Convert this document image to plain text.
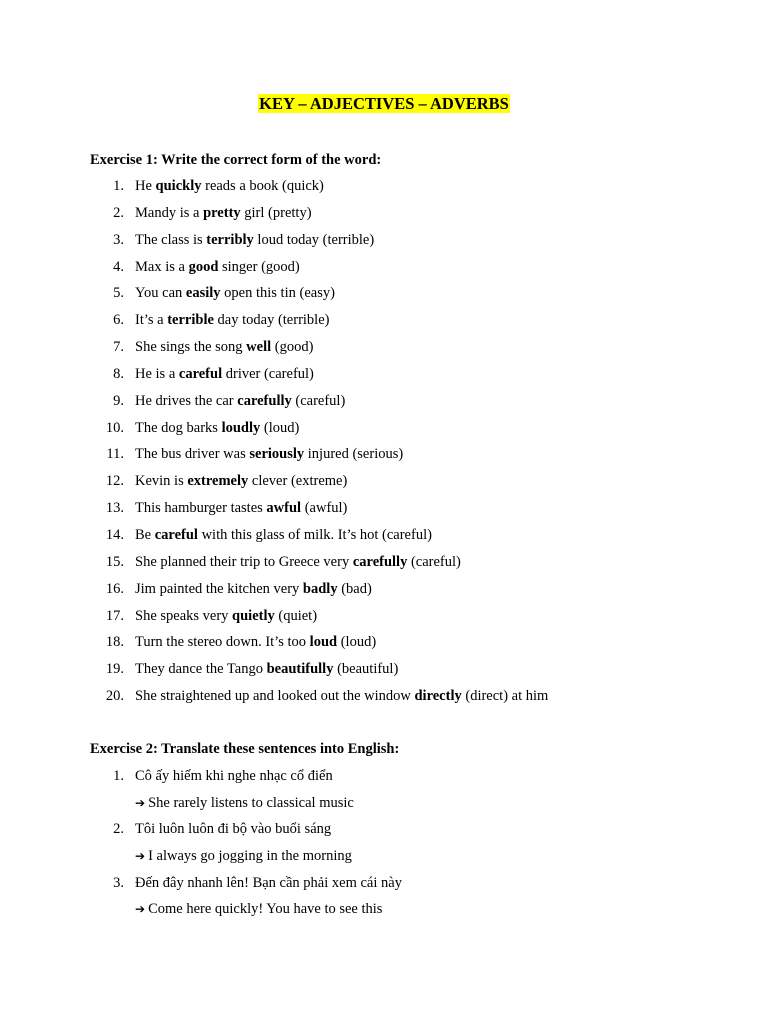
KEY – ADJECTIVES – ADVERBS
Exercise 1: Write the correct form of the word:
1. He quickly reads a book (quick)
2. Mandy is a pretty girl (pretty)
3. The class is terribly loud today (terrible)
4. Max is a good singer (good)
5. You can easily open this tin (easy)
6. It’s a terrible day today (terrible)
7. She sings the song well (good)
8. He is a careful driver (careful)
9. He drives the car carefully (careful)
10. The dog barks loudly (loud)
11. The bus driver was seriously injured (serious)
12. Kevin is extremely clever (extreme)
13. This hamburger tastes awful (awful)
14. Be careful with this glass of milk. It’s hot (careful)
15. She planned their trip to Greece very carefully (careful)
16. Jim painted the kitchen very badly (bad)
17. She speaks very quietly (quiet)
18. Turn the stereo down. It’s too loud (loud)
19. They dance the Tango beautifully (beautiful)
20. She straightened up and looked out the window directly (direct) at him
Exercise 2: Translate these sentences into English:
1. Cô ấy hiếm khi nghe nhạc cổ điển
➔ She rarely listens to classical music
2. Tôi luôn luôn đi bộ vào buổi sáng
➔ I always go jogging in the morning
3. Đến đây nhanh lên! Bạn cần phải xem cái này
➔ Come here quickly! You have to see this
